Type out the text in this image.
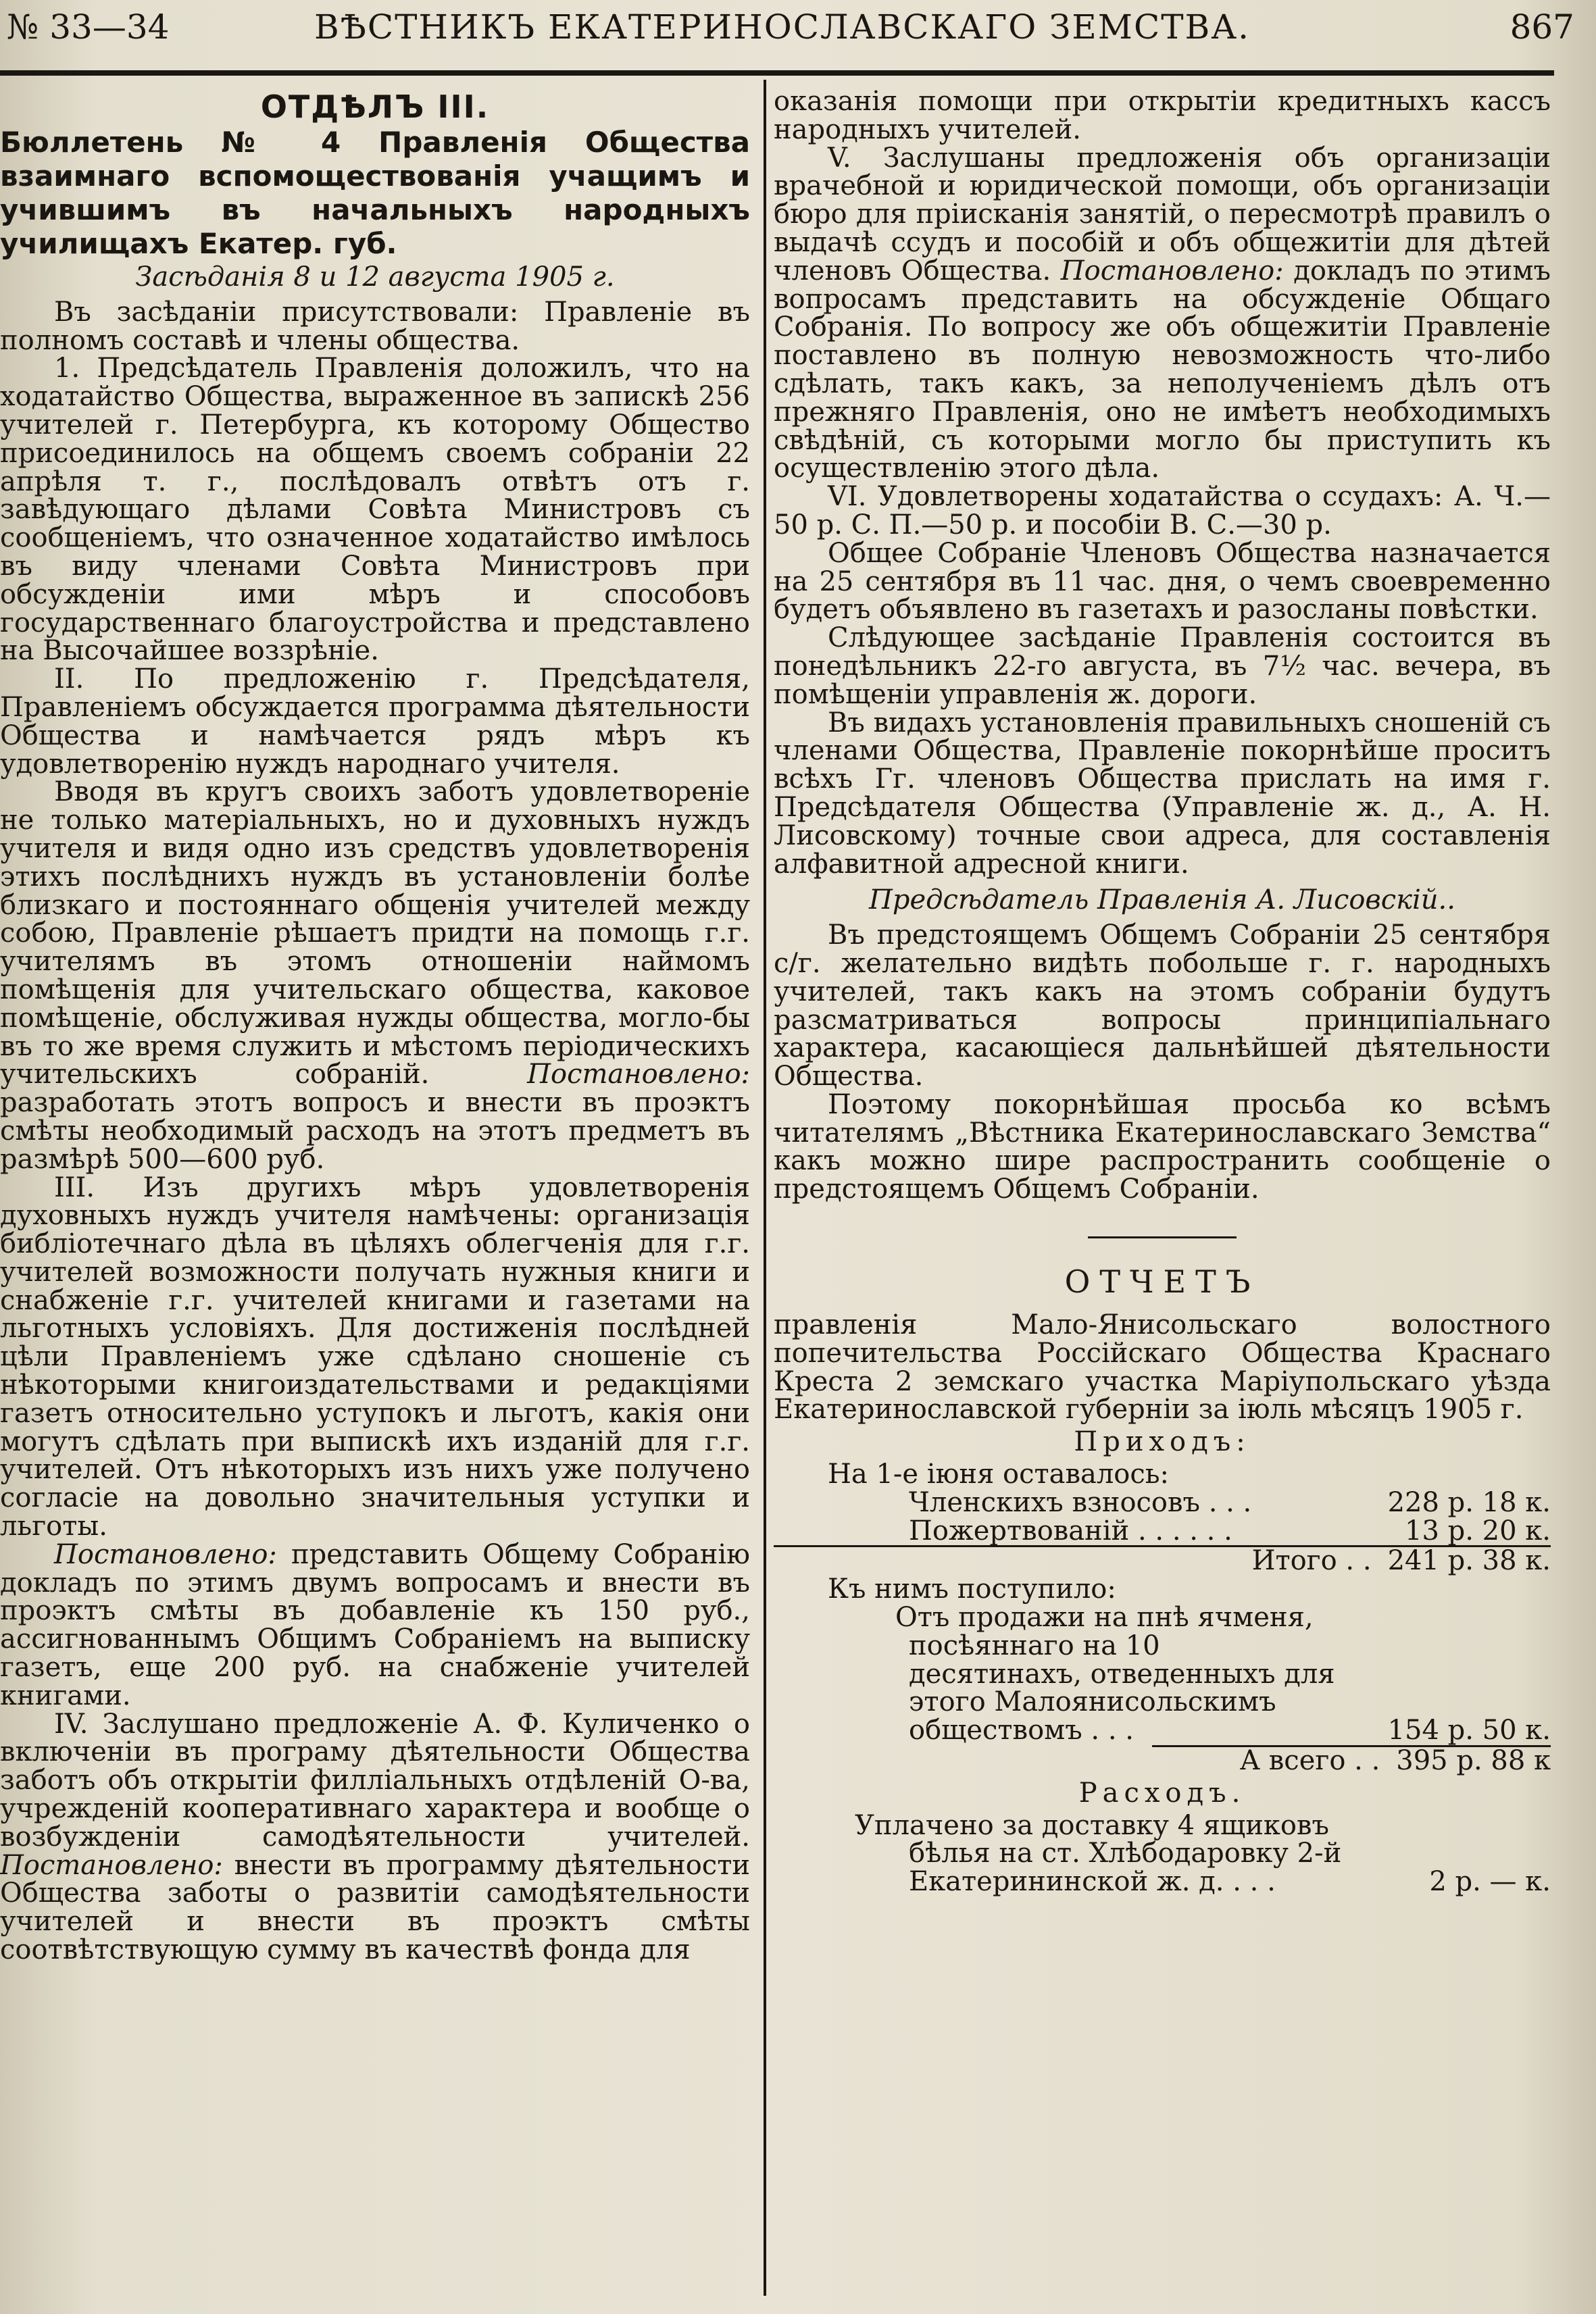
№ 33—34	ВѢСТНИКЪ ЕКАТЕРИНОСЛАВСКАГО ЗЕМСТВА.	867
ОТДѢЛЪ III.
Бюллетень № 4 Правленія Общества взаимнаго вспомоществованія учащимъ и учившимъ въ начальныхъ народныхъ училищахъ Екатер. губ.
Засѣданія 8 и 12 августа 1905 г.

Въ засѣданіи присутствовали: Правленіе въ полномъ составѣ и члены общества.

1. Предсѣдатель Правленія доложилъ, что на ходатайство Общества, выраженное въ запискѣ 256 учителей г. Петербурга, къ которому Общество присоединилось на общемъ своемъ собраніи 22 апрѣля т. г., послѣдовалъ отвѣтъ отъ г. завѣдующаго дѣлами Совѣта Министровъ съ сообщеніемъ, что означенное ходатайство имѣлось въ виду членами Совѣта Министровъ при обсужденіи ими мѣръ и способовъ государственнаго благоустройства и представлено на Высочайшее воззрѣніе.

II. По предложенію г. Предсѣдателя, Правленіемъ обсуждается программа дѣятельности Общества и намѣчается рядъ мѣръ къ удовлетворенію нуждъ народнаго учителя.

Вводя въ кругъ своихъ заботъ удовлетвореніе не только матеріальныхъ, но и духовныхъ нуждъ учителя и видя одно изъ средствъ удовлетворенія этихъ послѣднихъ нуждъ въ установленіи болѣе близкаго и постояннаго общенія учителей между собою, Правленіе рѣшаетъ придти на помощь г.г. учителямъ въ этомъ отношеніи наймомъ помѣщенія для учительскаго общества, каковое помѣщеніе, обслуживая нужды общества, могло-бы въ то же время служить и мѣстомъ періодическихъ учительскихъ собраній.	Постановлено: разработать этотъ вопросъ и внести въ проэктъ смѣты необходимый расходъ на этотъ предметъ въ размѣрѣ 500—600 руб.

III. Изъ другихъ мѣръ удовлетворенія духовныхъ нуждъ учителя намѣчены: организація библіотечнаго дѣла въ цѣляхъ облегченія для г.г. учителей возможности получать нужныя книги и снабженіе г.г. учителей книгами и газетами на льготныхъ условіяхъ. Для достиженія послѣдней цѣли Правленіемъ уже сдѣлано сношеніе съ нѣкоторыми книгоиздательствами и редакціями газетъ относительно уступокъ и льготъ, какія они могутъ сдѣлать при выпискѣ ихъ изданій для г.г. учителей. Отъ нѣкоторыхъ изъ нихъ уже получено согласіе на довольно значительныя уступки и льготы.

Постановлено: представить Общему Собранію докладъ по этимъ двумъ вопросамъ и внести въ проэктъ смѣты въ добавленіе къ 150 руб., ассигнованнымъ Общимъ Собраніемъ на выписку газетъ, еще 200 руб. на снабженіе учителей книгами.

IV. Заслушано предложеніе А. Ф. Куличенко о включеніи въ програму дѣятельности Общества заботъ объ открытіи филліальныхъ отдѣленій О-ва, учрежденій кооперативнаго характера и вообще о возбужденіи самодѣятельности учителей. Постановлено: внести въ программу дѣятельности Общества заботы о развитіи самодѣятельности учителей и внести въ проэктъ смѣты соотвѣтствующую сумму въ качествѣ фонда для

оказанія помощи при открытіи кредитныхъ кассъ народныхъ учителей.

V. Заслушаны предложенія объ организаціи врачебной и юридической помощи, объ организаціи бюро для прiисканія занятій, о пересмотрѣ правилъ о выдачѣ ссудъ и пособій и объ общежитіи для дѣтей членовъ Общества. Постановлено: докладъ по этимъ вопросамъ представить на обсужденіе Общаго Собранія. По вопросу же объ общежитіи Правленіе поставлено въ полную невозможность что-либо сдѣлать, такъ какъ, за неполученіемъ дѣлъ отъ прежняго Правленія, оно не имѣетъ необходимыхъ свѣдѣній, съ которыми могло бы приступить къ осуществленію этого дѣла.

VI. Удовлетворены ходатайства о ссудахъ: А. Ч.—50 р. С. П.—50 р. и пособіи В. С.—30 р.

Общее Собраніе Членовъ Общества назначается на 25 сентября въ 11 час. дня, о чемъ своевременно будетъ объявлено въ газетахъ и разосланы повѣстки.

Слѣдующее засѣданіе Правленія состоится въ понедѣльникъ 22-го августа, въ 7½ час. вечера, въ помѣщеніи управленія ж. дороги.

Въ видахъ установленія правильныхъ сношеній съ членами Общества, Правленіе покорнѣйше проситъ всѣхъ Гг. членовъ Общества прислать на имя г. Предсѣдателя Общества (Управленіе ж. д., А. Н. Лисовскому) точные свои адреса, для составленія алфавитной адресной книги.

Предсѣдатель Правленія А. Лисовскій..

Въ предстоящемъ Общемъ Собраніи 25 сентября с/г. желательно видѣть побольше г. г. народныхъ учителей, такъ какъ на этомъ собраніи будутъ разсматриваться вопросы принципіальнаго характера, касающіеся дальнѣйшей дѣятельности Общества.

Поэтому покорнѣйшая просьба ко всѣмъ читателямъ „Вѣстника Екатеринославскаго Земства“ какъ можно шире распространить сообщеніе о предстоящемъ Общемъ Собраніи.

ОТЧЕТЪ

правленія Мало-Янисольскаго волостного попечительства Россійскаго Общества Краснаго Креста 2 земскаго участка Маріупольскаго уѣзда Екатеринославской губерніи за іюль мѣсяцъ 1905 г.

Приходъ:
На 1-е іюня оставалось:
Членскихъ взносовъ . . .	228 р. 18 к.
Пожертвованій . . . . . .	13 р. 20 к.
Итого . . 241 р. 38 к.
Къ нимъ поступило:
Отъ продажи на пнѣ ячменя, посѣяннаго на 10 десятинахъ, отведенныхъ для этого Малоянисольскимъ обществомъ . . .	154 р. 50 к.
А всего . . 395 р. 88 к
Расходъ.
Уплачено за доставку 4 ящиковъ бѣлья на ст. Хлѣбодаровку 2-й Екатерининской ж. д. . . .	2 р. — к.
